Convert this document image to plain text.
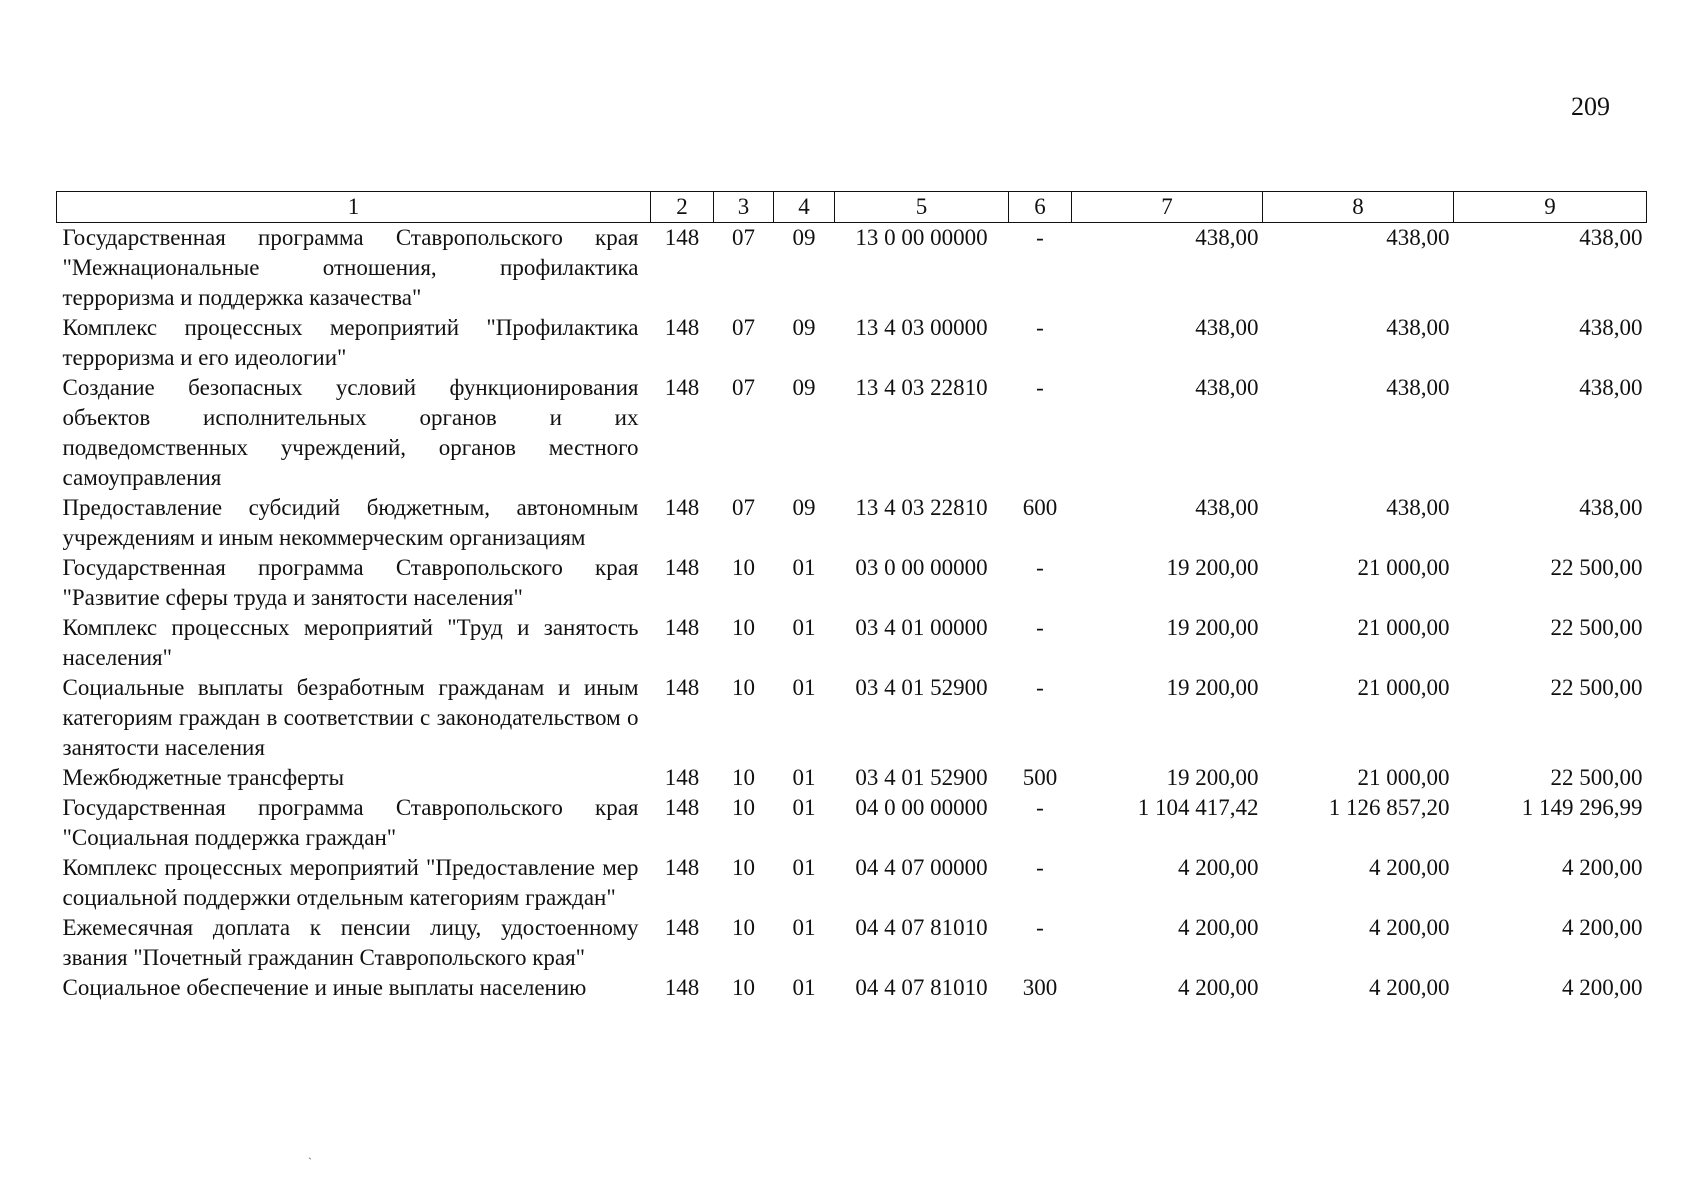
209
1	2	3	4	5	6	7	8	9
Государственная программа Ставропольского края "Межнациональные отношения, профилактика терроризма и поддержка казачества"	148	07	09	13 0 00 00000	-	438,00	438,00	438,00
Комплекс процессных мероприятий "Профилактика терроризма и его идеологии"	148	07	09	13 4 03 00000	-	438,00	438,00	438,00
Создание безопасных условий функционирования объектов исполнительных органов и их подведомственных учреждений, органов местного самоуправления	148	07	09	13 4 03 22810	-	438,00	438,00	438,00
Предоставление субсидий бюджетным, автономным учреждениям и иным некоммерческим организациям	148	07	09	13 4 03 22810	600	438,00	438,00	438,00
Государственная программа Ставропольского края "Развитие сферы труда и занятости населения"	148	10	01	03 0 00 00000	-	19 200,00	21 000,00	22 500,00
Комплекс процессных мероприятий "Труд и занятость населения"	148	10	01	03 4 01 00000	-	19 200,00	21 000,00	22 500,00
Социальные выплаты безработным гражданам и иным категориям граждан в соответствии с законодательством о занятости населения	148	10	01	03 4 01 52900	-	19 200,00	21 000,00	22 500,00
Межбюджетные трансферты	148	10	01	03 4 01 52900	500	19 200,00	21 000,00	22 500,00
Государственная программа Ставропольского края "Социальная поддержка граждан"	148	10	01	04 0 00 00000	-	1 104 417,42	1 126 857,20	1 149 296,99
Комплекс процессных мероприятий "Предоставление мер социальной поддержки отдельным категориям граждан"	148	10	01	04 4 07 00000	-	4 200,00	4 200,00	4 200,00
Ежемесячная доплата к пенсии лицу, удостоенному звания "Почетный гражданин Ставропольского края"	148	10	01	04 4 07 81010	-	4 200,00	4 200,00	4 200,00
Социальное обеспечение и иные выплаты населению	148	10	01	04 4 07 81010	300	4 200,00	4 200,00	4 200,00
ˎ
